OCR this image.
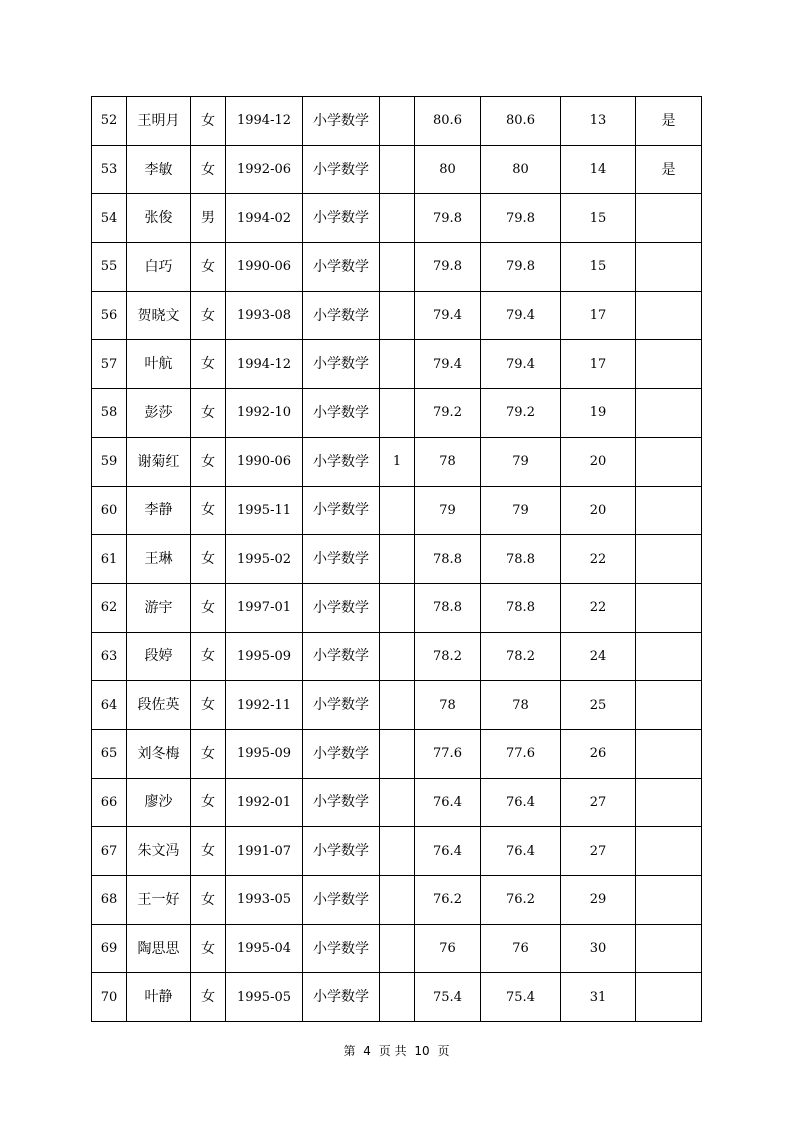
52	王明月	女	1994-12	小学数学		80.6	80.6	13	是
53	李敏	女	1992-06	小学数学		80	80	14	是
54	张俊	男	1994-02	小学数学		79.8	79.8	15	
55	白巧	女	1990-06	小学数学		79.8	79.8	15	
56	贺晓文	女	1993-08	小学数学		79.4	79.4	17	
57	叶航	女	1994-12	小学数学		79.4	79.4	17	
58	彭莎	女	1992-10	小学数学		79.2	79.2	19	
59	谢菊红	女	1990-06	小学数学	1	78	79	20	
60	李静	女	1995-11	小学数学		79	79	20	
61	王琳	女	1995-02	小学数学		78.8	78.8	22	
62	游宇	女	1997-01	小学数学		78.8	78.8	22	
63	段婷	女	1995-09	小学数学		78.2	78.2	24	
64	段佐英	女	1992-11	小学数学		78	78	25	
65	刘冬梅	女	1995-09	小学数学		77.6	77.6	26	
66	廖沙	女	1992-01	小学数学		76.4	76.4	27	
67	朱文冯	女	1991-07	小学数学		76.4	76.4	27	
68	王一好	女	1993-05	小学数学		76.2	76.2	29	
69	陶思思	女	1995-04	小学数学		76	76	30	
70	叶静	女	1995-05	小学数学		75.4	75.4	31	
第 4 页 共 10 页
